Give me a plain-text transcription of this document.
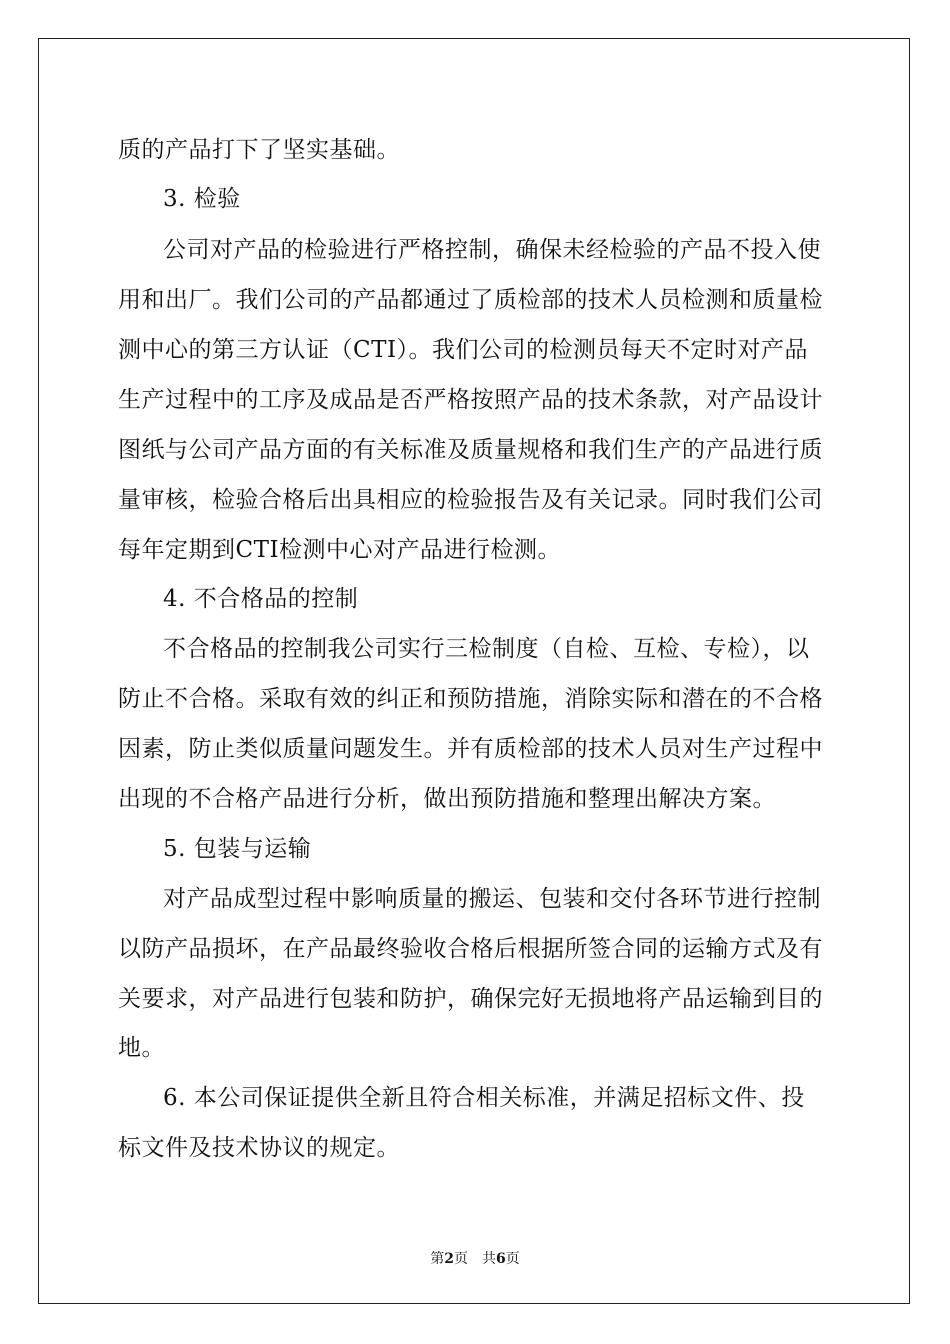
质的产品打下了坚实基础。
3. 检验
公司对产品的检验进行严格控制，确保未经检验的产品不投入使
用和出厂。我们公司的产品都通过了质检部的技术人员检测和质量检
测中心的第三方认证（CTI）。我们公司的检测员每天不定时对产品
生产过程中的工序及成品是否严格按照产品的技术条款，对产品设计
图纸与公司产品方面的有关标准及质量规格和我们生产的产品进行质
量审核，检验合格后出具相应的检验报告及有关记录。同时我们公司
每年定期到CTI检测中心对产品进行检测。
4. 不合格品的控制
不合格品的控制我公司实行三检制度（自检、互检、专检），以
防止不合格。采取有效的纠正和预防措施，消除实际和潜在的不合格
因素，防止类似质量问题发生。并有质检部的技术人员对生产过程中
出现的不合格产品进行分析，做出预防措施和整理出解决方案。
5. 包装与运输
对产品成型过程中影响质量的搬运、包装和交付各环节进行控制
以防产品损坏，在产品最终验收合格后根据所签合同的运输方式及有
关要求，对产品进行包装和防护，确保完好无损地将产品运输到目的
地。
6. 本公司保证提供全新且符合相关标准，并满足招标文件、投
标文件及技术协议的规定。
第2页 共6页
